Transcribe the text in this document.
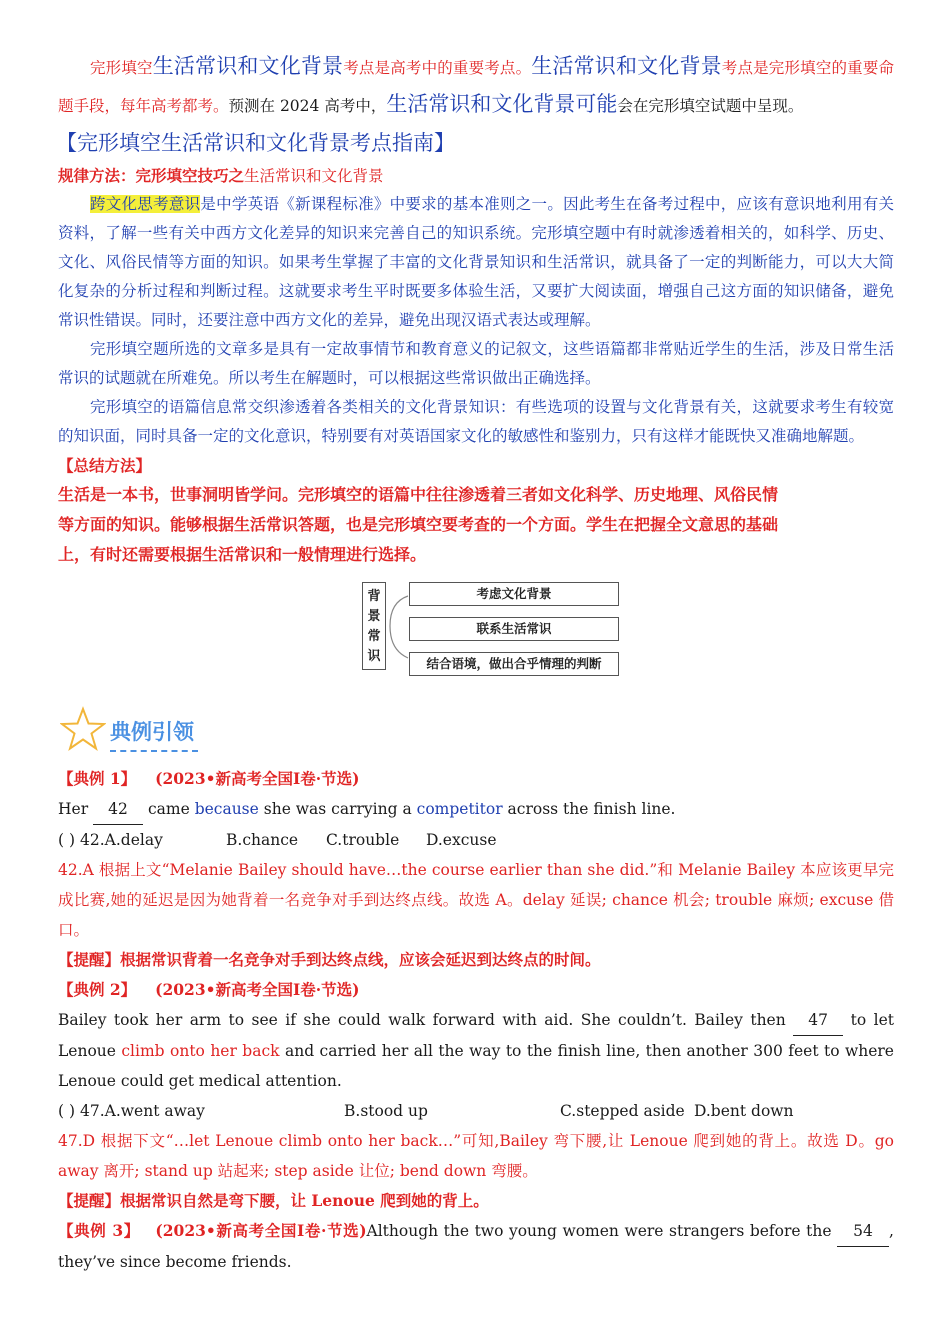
完形填空生活常识和文化背景考点是高考中的重要考点。生活常识和文化背景考点是完形填空的重要命题手段，每年高考都考。预测在 2024 高考中，生活常识和文化背景可能会在完形填空试题中呈现。

【完形填空生活常识和文化背景考点指南】

规律方法：完形填空技巧之生活常识和文化背景

跨文化思考意识是中学英语《新课程标准》中要求的基本准则之一。因此考生在备考过程中，应该有意识地利用有关资料，了解一些有关中西方文化差异的知识来完善自己的知识系统。完形填空题中有时就渗透着相关的，如科学、历史、文化、风俗民情等方面的知识。如果考生掌握了丰富的文化背景知识和生活常识，就具备了一定的判断能力，可以大大简化复杂的分析过程和判断过程。这就要求考生平时既要多体验生活，又要扩大阅读面，增强自己这方面的知识储备，避免常识性错误。同时，还要注意中西方文化的差异，避免出现汉语式表达或理解。

完形填空题所选的文章多是具有一定故事情节和教育意义的记叙文，这些语篇都非常贴近学生的生活，涉及日常生活常识的试题就在所难免。所以考生在解题时，可以根据这些常识做出正确选择。

完形填空的语篇信息常交织渗透着各类相关的文化背景知识：有些选项的设置与文化背景有关，这就要求考生有较宽的知识面，同时具备一定的文化意识，特别要有对英语国家文化的敏感性和鉴别力，只有这样才能既快又准确地解题。

【总结方法】

生活是一本书，世事洞明皆学问。完形填空的语篇中往往渗透着三者如文化科学、历史地理、风俗民情等方面的知识。能够根据生活常识答题，也是完形填空要考查的一个方面。学生在把握全文意思的基础上，有时还需要根据生活常识和一般情理进行选择。

背
景
常
识
考虑文化背景
联系生活常识
结合语境，做出合乎情理的判断
典例引领

【典例 1】 (2023•新高考全国Ⅰ卷·节选)

Her 42 came because she was carrying a competitor across the finish line.

( ) 42.A.delay	B.chance C.trouble D.excuse

42.A 根据上文“Melanie Bailey should have…the course earlier than she did.”和 Melanie Bailey 本应该更早完成比赛,她的延迟是因为她背着一名竞争对手到达终点线。故选 A。delay 延误; chance 机会; trouble 麻烦; excuse 借口。

【提醒】根据常识背着一名竞争对手到达终点线，应该会延迟到达终点的时间。

【典例 2】 (2023•新高考全国Ⅰ卷·节选)

Bailey took her arm to see if she could walk forward with aid. She couldn’t. Bailey then 47 to let Lenoue climb onto her back and carried her all the way to the finish line, then another 300 feet to where Lenoue could get medical attention.

( ) 47.A.went away	B.stood up	C.stepped aside D.bent down

47.D 根据下文“…let Lenoue climb onto her back…”可知,Bailey 弯下腰,让 Lenoue 爬到她的背上。故选 D。go away 离开; stand up 站起来; step aside 让位; bend down 弯腰。

【提醒】根据常识自然是弯下腰，让 Lenoue 爬到她的背上。

【典例 3】 (2023•新高考全国Ⅰ卷·节选)Although the two young women were strangers before the 54 , they’ve since become friends.
